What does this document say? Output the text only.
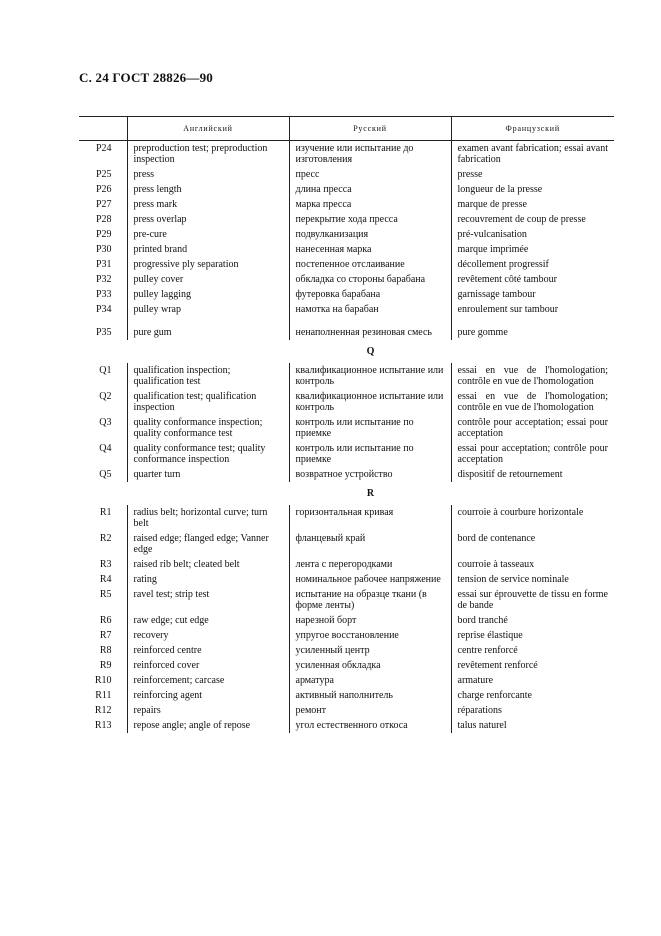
С. 24 ГОСТ 28826—90
	Английский	Русский	Французский
P24	preproduction test; preproduction inspection	изучение или испытание до изготовления	examen avant fabrication; essai avant fabrication
P25	press	пресс	presse
P26	press length	длина пресса	longueur de la presse
P27	press mark	марка пресса	marque de presse
P28	press overlap	перекрытие хода пресса	recouvrement de coup de presse
P29	pre-cure	подвулканизация	pré-vulcanisation
P30	printed brand	нанесенная марка	marque imprimée
P31	progressive ply separation	постепенное отслаивание	décollement progressif
P32	pulley cover	обкладка со стороны барабана	revêtement côté tambour
P33	pulley lagging	футеровка барабана	garnissage tambour
P34	pulley wrap	намотка на барабан	enroulement sur tambour
P35	pure gum	ненаполненная резиновая смесь	pure gomme
	Q		
Q1	qualification inspection; qualification test	квалификационное испытание или контроль	essai en vue de l'homologation; contrôle en vue de l'homologation
Q2	qualification test; qualification inspection	квалификационное испытание или контроль	essai en vue de l'homologation; contrôle en vue de l'homologation
Q3	quality conformance inspection; quality conformance test	контроль или испытание по приемке	contrôle pour acceptation; essai pour acceptation
Q4	quality conformance test; quality conformance inspection	контроль или испытание по приемке	essai pour acceptation; contrôle pour acceptation
Q5	quarter turn	возвратное устройство	dispositif de retournement
	R		
R1	radius belt; horizontal curve; turn belt	горизонтальная кривая	courroie à courbure horizontale
R2	raised edge; flanged edge; Vanner edge	фланцевый край	bord de contenance
R3	raised rib belt; cleated belt	лента с перегородками	courroie à tasseaux
R4	rating	номинальное рабочее напряжение	tension de service nominale
R5	ravel test; strip test	испытание на образце ткани (в форме ленты)	essai sur éprouvette de tissu en forme de bande
R6	raw edge; cut edge	нарезной борт	bord tranché
R7	recovery	упругое восстановление	reprise élastique
R8	reinforced centre	усиленный центр	centre renforcé
R9	reinforced cover	усиленная обкладка	revêtement renforcé
R10	reinforcement; carcase	арматура	armature
R11	reinforcing agent	активный наполнитель	charge renforcante
R12	repairs	ремонт	réparations
R13	repose angle; angle of repose	угол естественного откоса	talus naturel
